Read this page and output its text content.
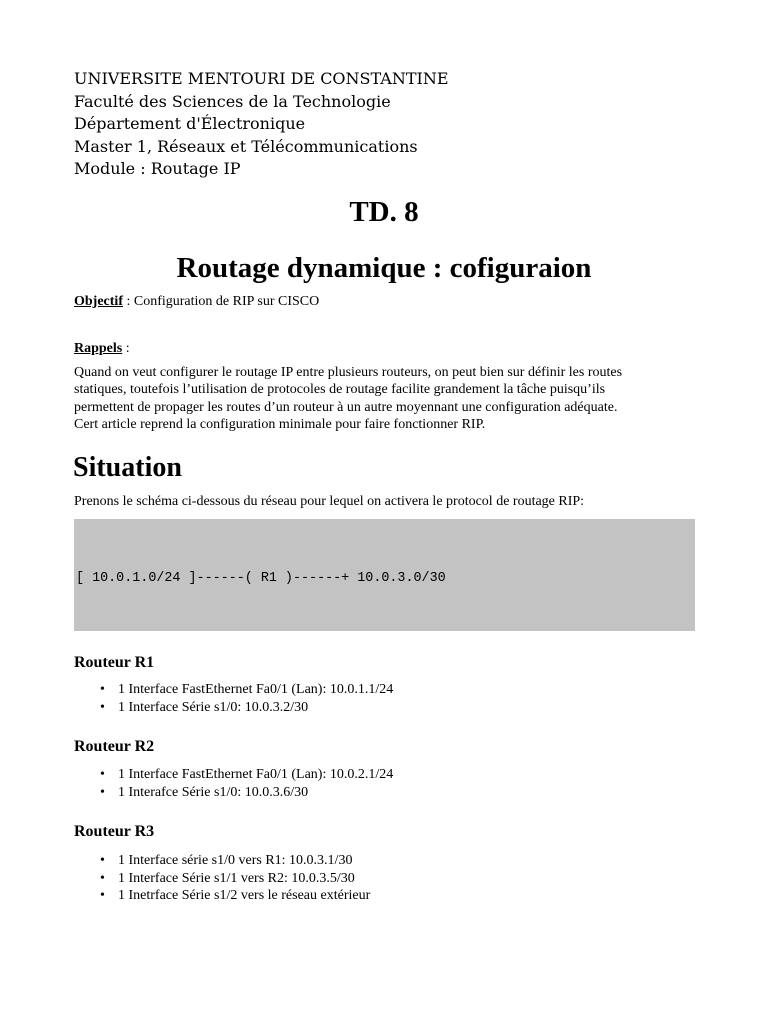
UNIVERSITE MENTOURI DE CONSTANTINE
Faculté des Sciences de la Technologie
Département d'Électronique
Master 1, Réseaux et Télécommunications
Module : Routage IP
TD. 8
Routage dynamique : cofiguraion
Objectif : Configuration de RIP sur CISCO
Rappels :
Quand on veut configurer le routage IP entre plusieurs routeurs, on peut bien sur définir les routes
statiques, toutefois l’utilisation de protocoles de routage facilite grandement la tâche puisqu’ils
permettent de propager les routes d’un routeur à un autre moyennant une configuration adéquate.
Cert article reprend la configuration minimale pour faire fonctionner RIP.
Situation
Prenons le schéma ci-dessous du réseau pour lequel on activera le protocol de routage RIP:

[ 10.0.1.0/24 ]------( R1 )------+ 10.0.3.0/30

Routeur R1
• 1 Interface FastEthernet Fa0/1 (Lan): 10.0.1.1/24
• 1 Interface Série s1/0: 10.0.3.2/30
Routeur R2
• 1 Interface FastEthernet Fa0/1 (Lan): 10.0.2.1/24
• 1 Interafce Série s1/0: 10.0.3.6/30
Routeur R3
• 1 Interface série s1/0 vers R1: 10.0.3.1/30
• 1 Interface Série s1/1 vers R2: 10.0.3.5/30
• 1 Inetrface Série s1/2 vers le réseau extérieur
